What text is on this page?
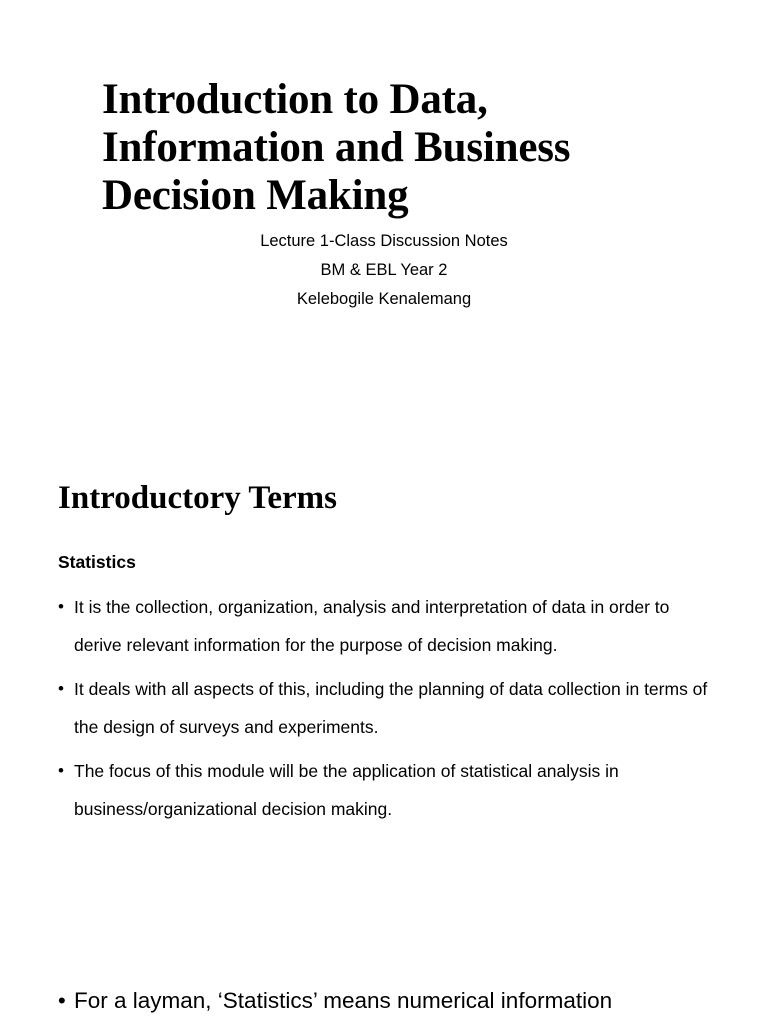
Introduction to Data, Information and Business Decision Making
Lecture 1-Class Discussion Notes
BM & EBL Year 2
Kelebogile Kenalemang
Introductory Terms
Statistics
• It is the collection, organization, analysis and interpretation of data in order to derive relevant information for the purpose of decision making.
• It deals with all aspects of this, including the planning of data collection in terms of the design of surveys and experiments.
• The focus of this module will be the application of statistical analysis in business/organizational decision making.
• For a layman, ‘Statistics’ means numerical information
